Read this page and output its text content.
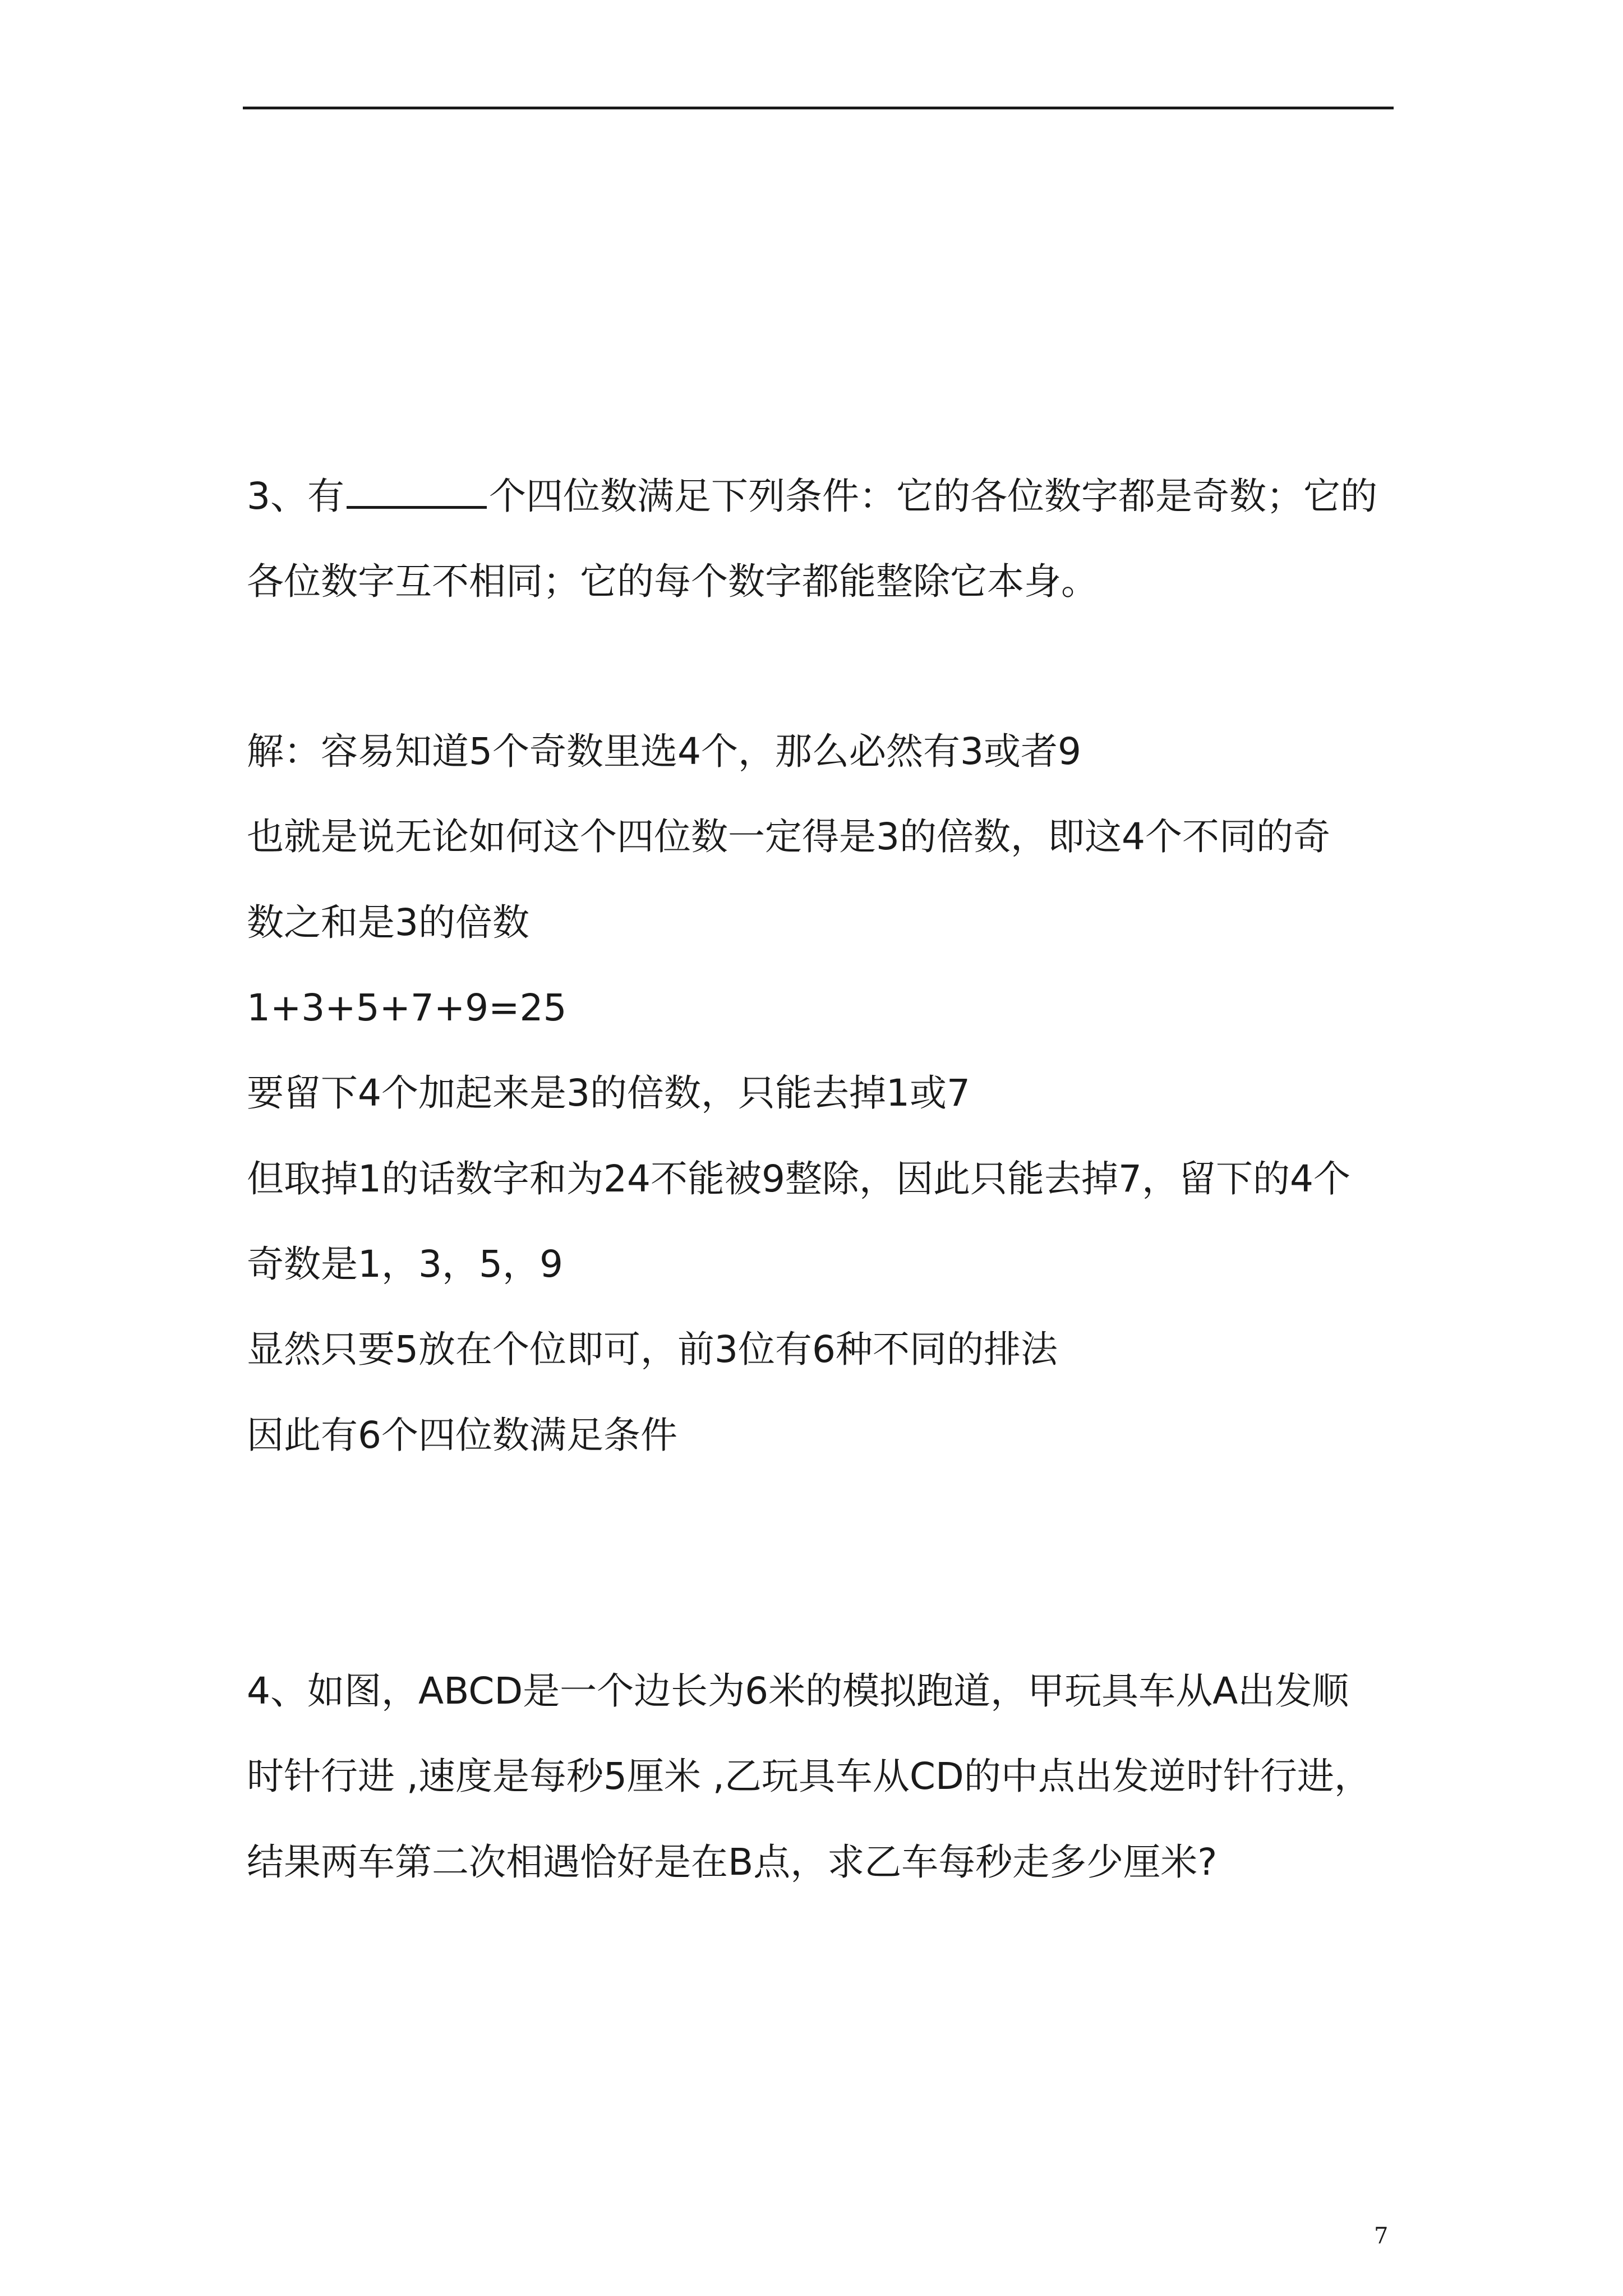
3、有	个四位数满足下列条件：它的各位数字都是奇数；它的
各位数字互不相同；它的每个数字都能整除它本身。
解：容易知道5个奇数里选4个，那么必然有3或者9
也就是说无论如何这个四位数一定得是3的倍数，即这4个不同的奇
数之和是3的倍数
1+3+5+7+9=25
要留下4个加起来是3的倍数，只能去掉1或7
但取掉1的话数字和为24不能被9整除，因此只能去掉7，留下的4个
奇数是1，3，5，9
显然只要5放在个位即可，前3位有6种不同的排法
因此有6个四位数满足条件
4、如图，ABCD是一个边长为6米的模拟跑道，甲玩具车从A出发顺
时针行进 ,速度是每秒5厘米 ,乙玩具车从CD的中点出发逆时针行进，
结果两车第二次相遇恰好是在B点，求乙车每秒走多少厘米?
7
